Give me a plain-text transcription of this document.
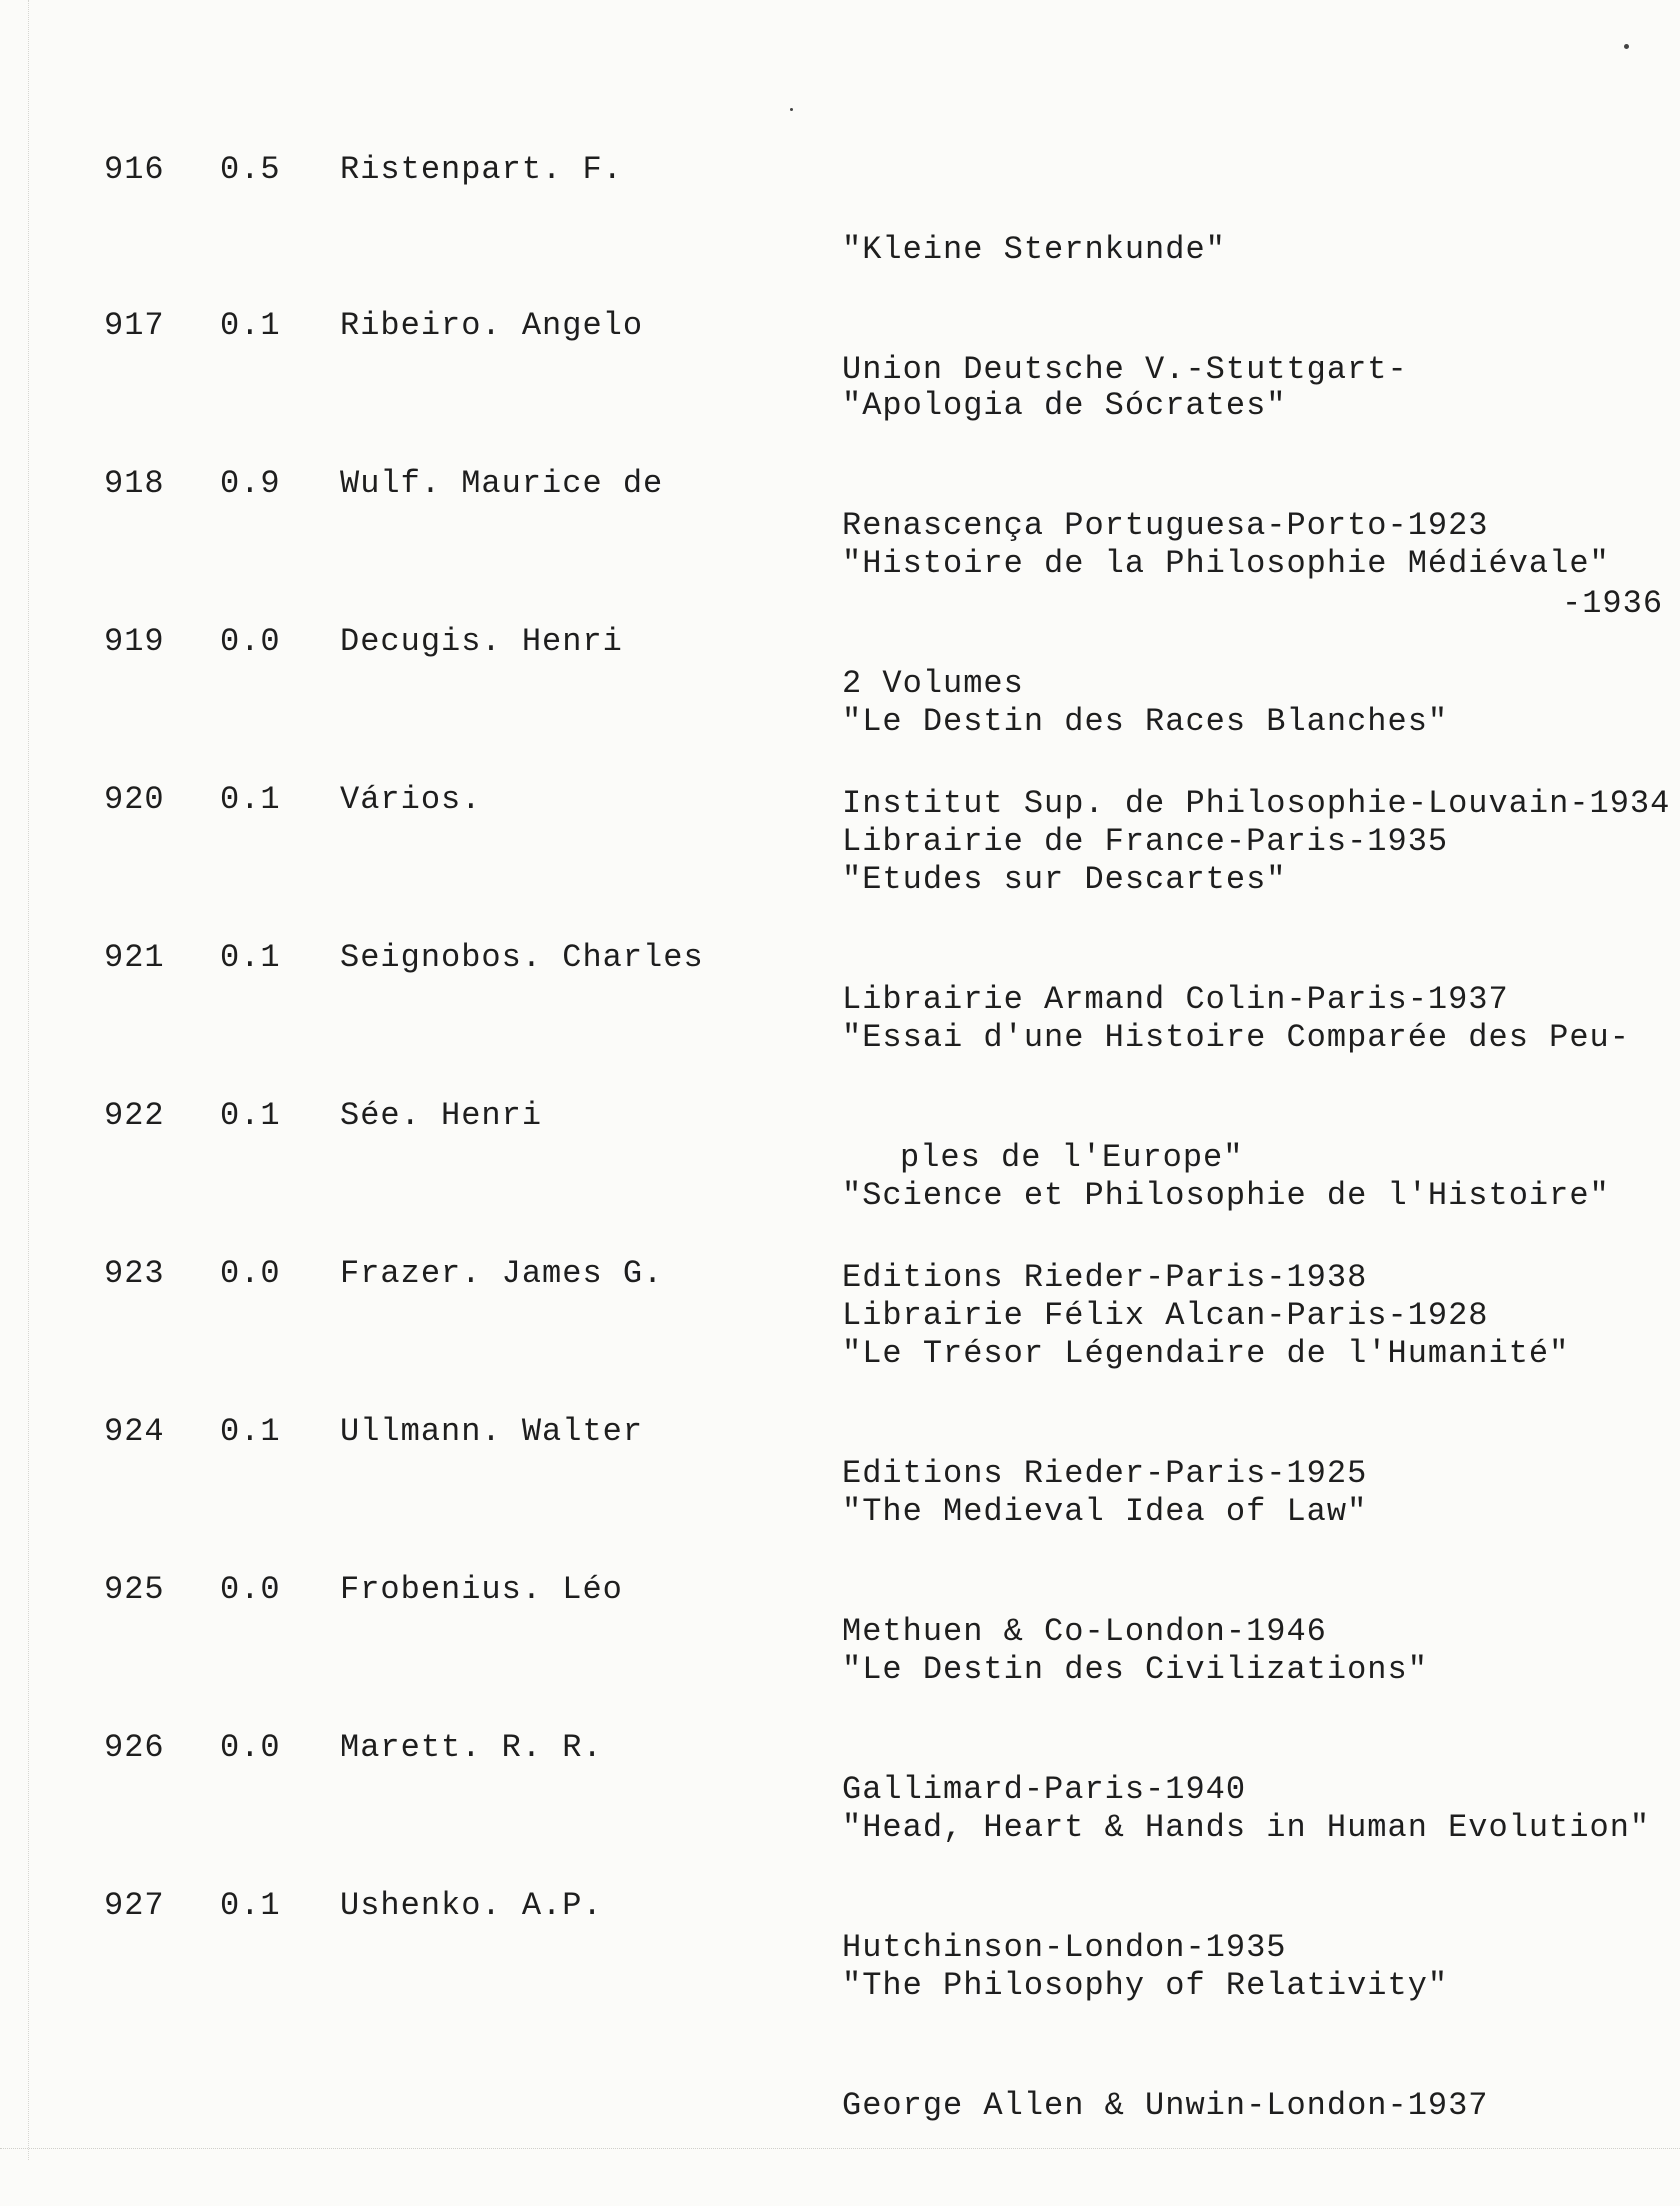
916 0.5 Ristenpart. F.

"Kleine Sternkunde"

Union Deutsche V.-Stuttgart-

917 0.1 Ribeiro. Angelo

"Apologia de Sócrates"

Renascença Portuguesa-Porto-1923

918 0.9 Wulf. Maurice de

"Histoire de la Philosophie Médiévale"

2 Volumes

Institut Sup. de Philosophie-Louvain-1934

-1936
919 0.0 Decugis. Henri

"Le Destin des Races Blanches"

Librairie de France-Paris-1935

920 0.1 Vários.

"Etudes sur Descartes"

Librairie Armand Colin-Paris-1937

921 0.1 Seignobos. Charles

"Essai d'une Histoire Comparée des Peu-

ples de l'Europe"

Editions Rieder-Paris-1938

922 0.1 Sée. Henri

"Science et Philosophie de l'Histoire"

Librairie Félix Alcan-Paris-1928

923 0.0 Frazer. James G.

"Le Trésor Légendaire de l'Humanité"

Editions Rieder-Paris-1925

924 0.1 Ullmann. Walter

"The Medieval Idea of Law"

Methuen & Co-London-1946

925 0.0 Frobenius. Léo

"Le Destin des Civilizations"

Gallimard-Paris-1940

926 0.0 Marett. R. R.

"Head, Heart & Hands in Human Evolution"

Hutchinson-London-1935

927 0.1 Ushenko. A.P.

"The Philosophy of Relativity"

George Allen & Unwin-London-1937
